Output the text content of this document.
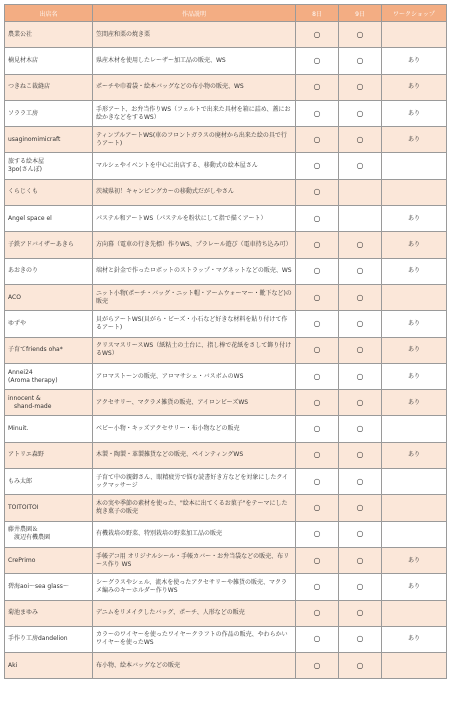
出店名	作品説明	8日	9日	ワークショップ
農業公社	笠間産和栗の焼き栗	○	○	
楠見材木店	県産木材を使用したレーザー加工品の販売、WS	○	○	あり
つきねこ裁縫店	ポーチや巾着袋・絵本バッグなどの布小物の販売、WS	○	○	あり
ソララ工房	手形アート、お弁当作りWS（フェルトで出来た具材を箱に詰め、蓋にお絵かきなどをするWS）	○	○	あり
usaginomimicraft	ティンブルアートWS(車のフロントガラスの廃材から出来た絵の具で行うアート)	○	○	あり
旅する絵本屋
3po(さんぽ)	マルシェやイベントを中心に出店する、移動式の絵本屋さん	○	○	
くらじくも	茨城県初！キャンピングカーの移動式だがしやさん	○		
Angel space el	パステル和アートWS（パステルを粉状にして指で描くアート）	○		あり
子鉄アドバイザーあきら	方向幕（電車の行き先標）作りWS、プラレール遊び（電車持ち込み可）	○	○	あり
あおきのり	端材と針金で作ったロボットのストラップ・マグネットなどの販売、WS	○	○	あり
ACO	ニット小物(ポーチ・バッグ・ニット帽・アームウォーマー・靴下など)の販売	○	○	
ゆずや	貝がらアートWS(貝がら・ビーズ・小石など好きな材料を貼り付けて作るアート)	○	○	あり
子育てfriends oha*	クリスマスリースWS（紙粘土の土台に、指し棒で花紙をさして飾り付けるWS）	○	○	あり
Annei24
(Aroma therapy)	アロマストーンの販売、アロマサシェ・バスボムのWS	○	○	あり
innocent &
　shand-made	アクセサリー、マクラメ雑貨の販売、アイロンビーズWS	○	○	あり
Minuit.	ベビー小物・キッズアクセサリー・布小物などの販売	○	○	
アトリエ森野	木製・陶製・革製雑貨などの販売、ペインティングWS	○	○	あり
もみ太郎	子育て中の親御さん、眼精疲労で悩む読書好き方などを対象にしたクイックマッサージ	○	○	
TOITOITOI	木の実や季節の素材を使った、"絵本に出てくるお菓子"をテーマにした焼き菓子の販売	○	○	
藤井農園＆
　渡辺有機農園	有機栽培の野菜、特別栽培の野菜加工品の販売	○	○	
CrePrimo	手帳デコ用 オリジナルシール・手帳カバー・お弁当袋などの販売、布リース作り WS	○	○	あり
碧海aoi～sea glass～	シーグラスやシェル、流木を使ったアクセサリーや雑貨の販売、マクラメ編みのキーホルダー作りWS	○	○	あり
菊池まゆみ	デニムをリメイクしたバッグ、ポーチ、人形などの販売	○	○	
手作り工房dandelion	カラーのワイヤーを使ったワイヤークラフトの作品の販売、やわらかいワイヤーを使ったWS	○	○	あり
Aki	布小物、絵本バッグなどの販売	○	○	
